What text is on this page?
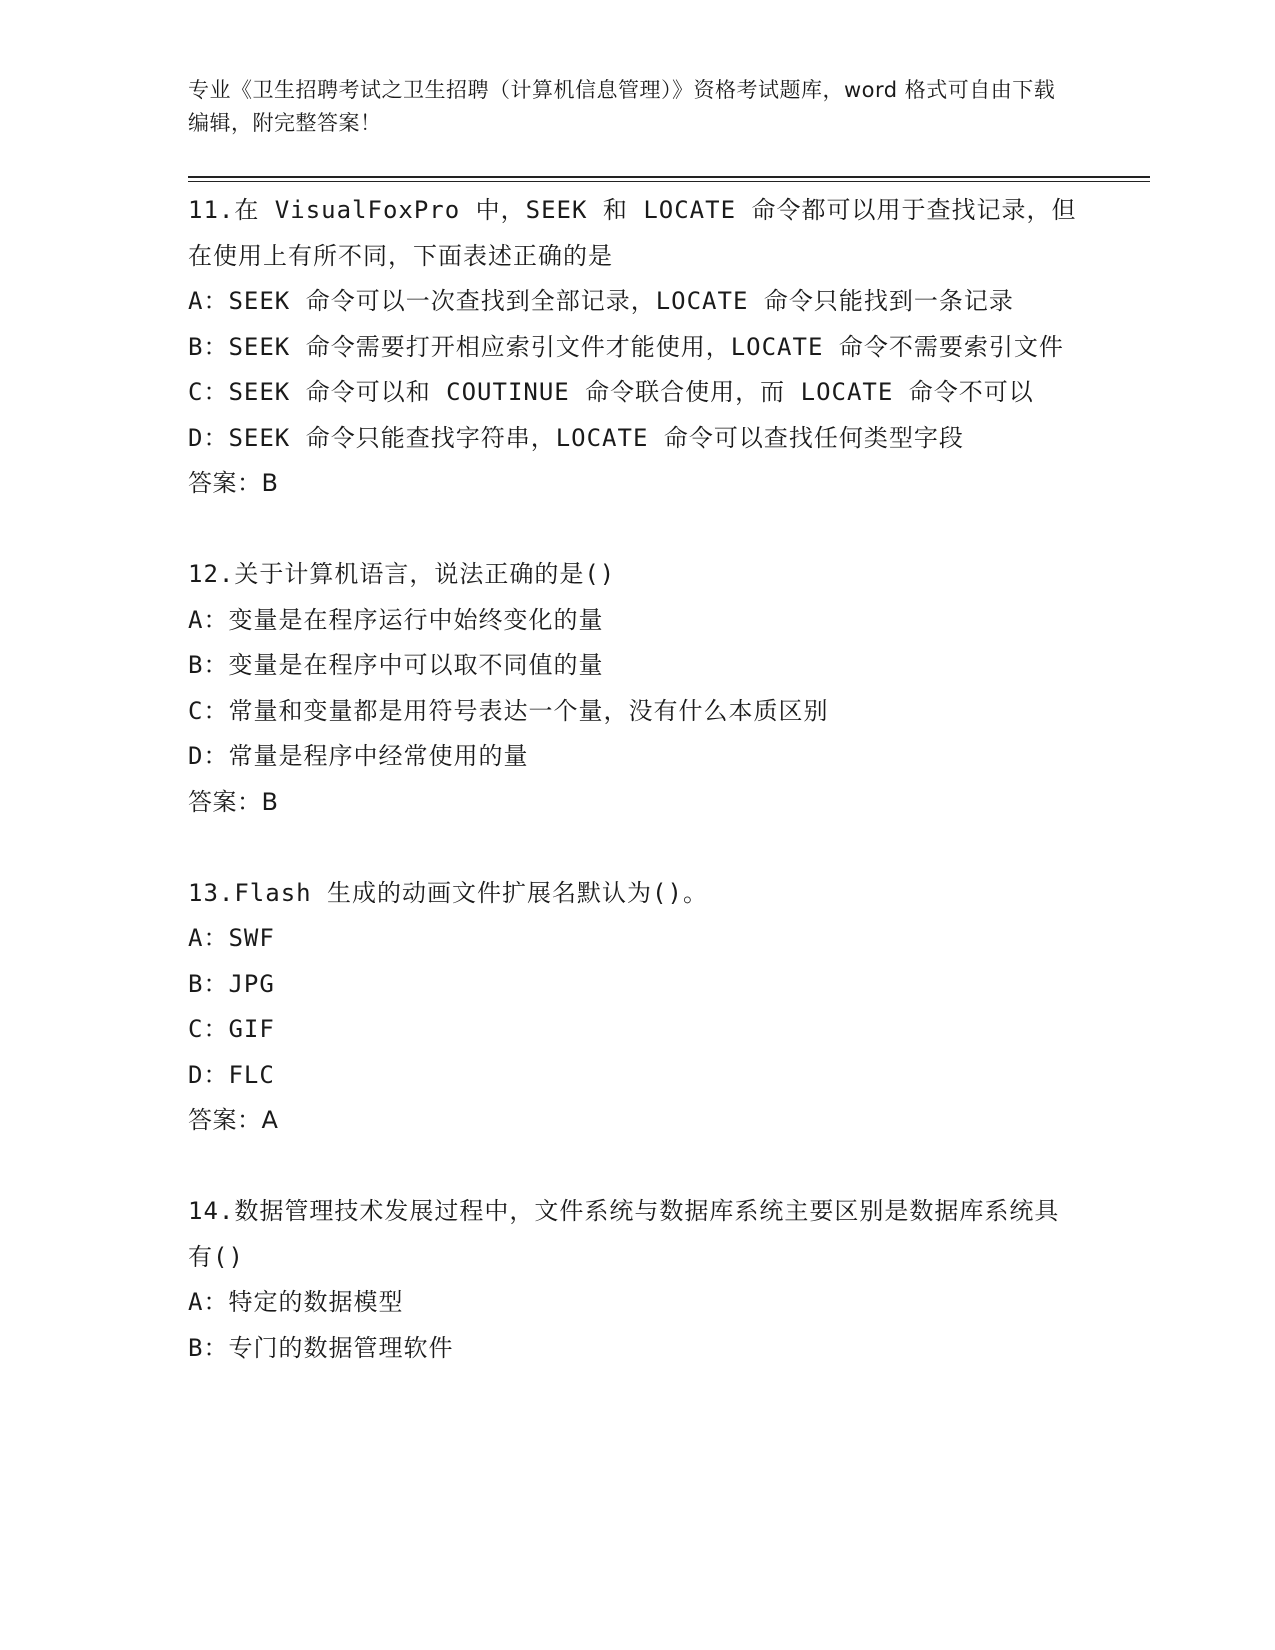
专业《卫生招聘考试之卫生招聘（计算机信息管理）》资格考试题库，word 格式可自由下载编辑，附完整答案！

11.在 VisualFoxPro 中，SEEK 和 LOCATE 命令都可以用于查找记录，但在使用上有所不同，下面表述正确的是

A：SEEK 命令可以一次查找到全部记录，LOCATE 命令只能找到一条记录

B：SEEK 命令需要打开相应索引文件才能使用，LOCATE 命令不需要索引文件

C：SEEK 命令可以和 COUTINUE 命令联合使用，而 LOCATE 命令不可以

D：SEEK 命令只能查找字符串，LOCATE 命令可以查找任何类型字段

答案：B

12.关于计算机语言，说法正确的是()

A：变量是在程序运行中始终变化的量

B：变量是在程序中可以取不同值的量

C：常量和变量都是用符号表达一个量，没有什么本质区别

D：常量是程序中经常使用的量

答案：B

13.Flash 生成的动画文件扩展名默认为()。

A：SWF

B：JPG

C：GIF

D：FLC

答案：A

14.数据管理技术发展过程中，文件系统与数据库系统主要区别是数据库系统具有()

A：特定的数据模型

B：专门的数据管理软件
